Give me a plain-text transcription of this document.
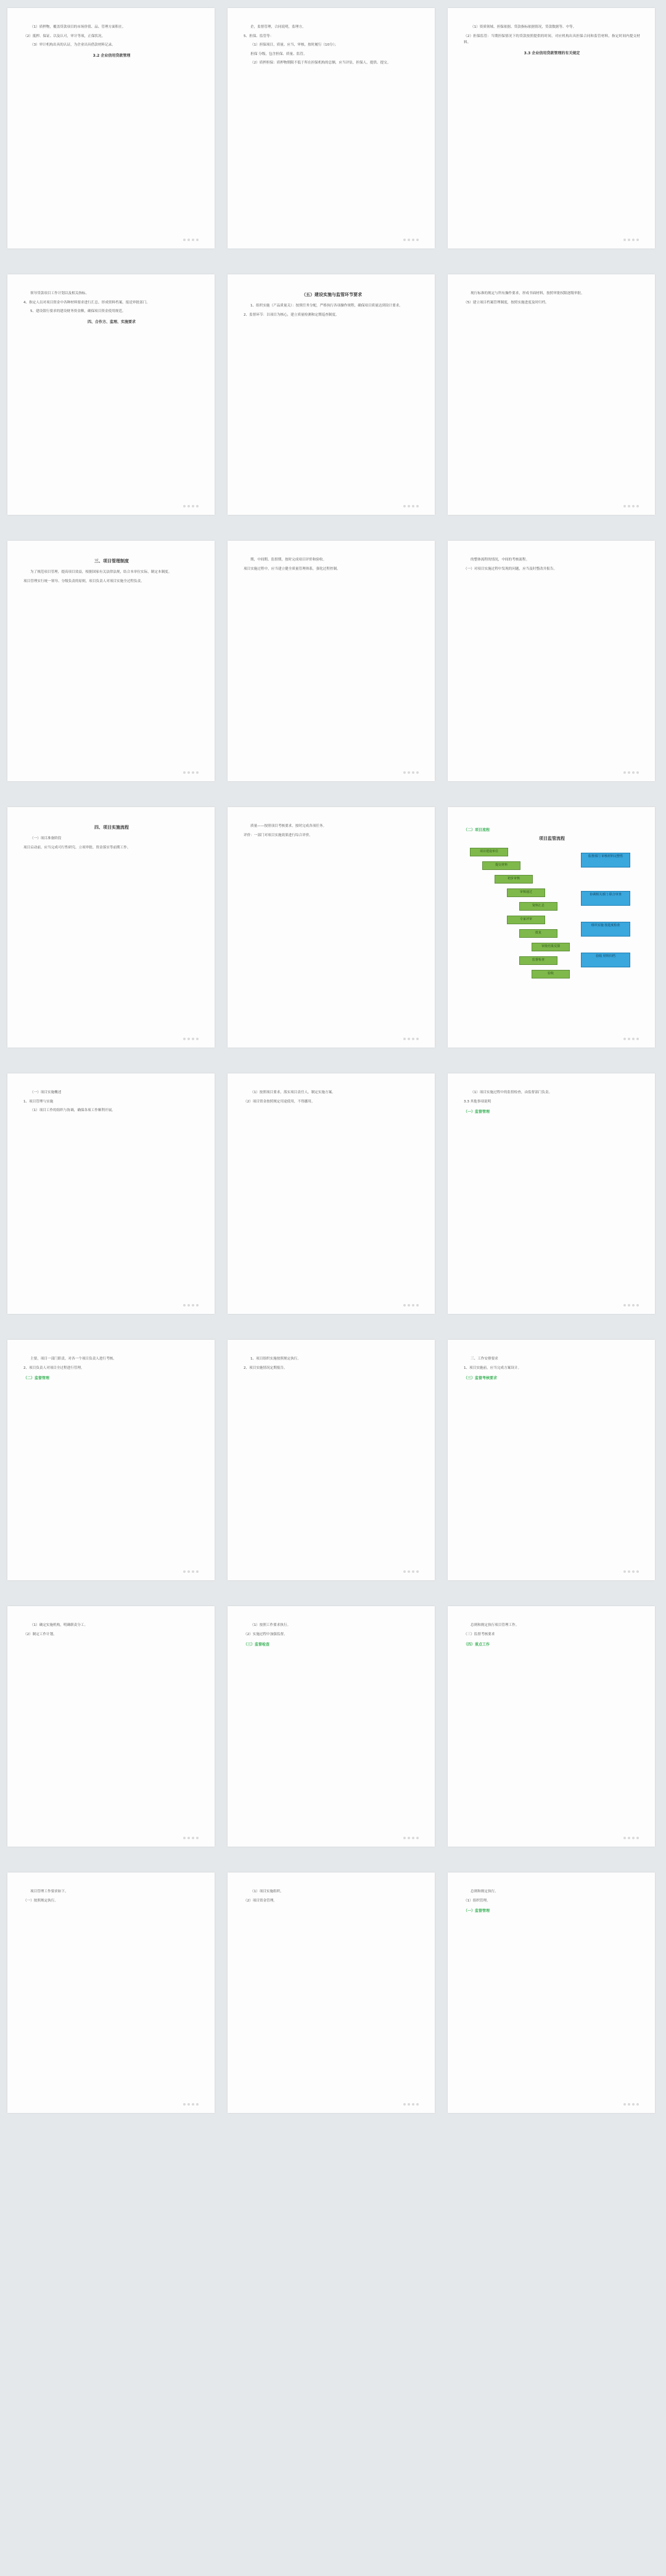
（1）质押物，覆盖贷款项目的市场价值、品、管理方面积在。
（2）抵押、保证、以及认可，审计等项，正保状况。
（3）审计机构出具的认证，为企业出具借款材料记录。
3.2 企业信用贷款管理
企，监督管理，合同说明，监理方。
5、担保、监管等：
（1）担保项目，质量。应当，审核，按时履行（10分）；
　　担保 分级，包含担保、质量、监管。
（2）质押担保：质押物期限不低于所在担保机构的总额，应当评估，担保人，提供、提交。
（1）资质领域、担保依据、贷款指标依据情况，贷款数据等、中等。
（2）担保监管：当期担保情况下的贷款按照提供的时间，对应机构出具担保合同和监管材料，指定时间内提交材料。
3.3 企业信用贷款管理的有关规定
领导贷款项目工作计划以及相关指标。
4、指定人员对项目资金中各种材料要求进行汇总，形成资料档案，报送审批部门。
5、建设银行要求的建设财务资金额，确保项目资金使用规范。
四、合作方、监理、实施要求
（五）建设实施与监管环节要求
1、组织实施（产品质量关）：按照任务分配，严格执行各项操作规程，确保项目质量达到设计要求。
2、监督环节：以项目为核心，建立质量检测和定期巡查制度。
现行标准的规定与所有操作要求，形成书面材料，按照审批权限逐级审批。
（5）建立项目档案管理制度，按照实施进度及时归档。
三、项目管理制度
为了规范项目管理，提高项目效益，根据国家有关法律法规，结合本单位实际，制定本制度。
项目管理实行统一领导、分级负责的原则，项目负责人对项目实施全过程负责。
期，中间期、监督期，按时完成项目评价和验收。
项目实施过程中，应当建立健全质量管理体系，强化过程控制。
的整体流程的情况，中间的考核流程。
（一）对项目实施过程中发现的问题，应当及时整改并报告。
四、项目实施流程
（一）项目准备阶段
项目启动前，应当完成可行性研究、立项审批、资金落实等前期工作。
质量——按照项目考核要求，按时完成各项任务。
评价：一部门对项目实施效果进行综合评价。
（二）项目流程
项目监管流程
项目建设单位
提交材料
初步审核
审核通过
资料汇总
专家评审
批复
审批结果反馈
监督检查
验收
监督部门 审核材料完整性
协调相关部门 联合审查
组织实施 按进度检查
验收 材料归档
（一）项目实施概述
1、项目管理与实施
（1）项目工作的组织与协调，确保各项工作顺利开展。
（1）按照项目要求，落实项目责任人，制定实施方案。
（2）项目资金按照规定用途使用，不得挪用。
（1）项目实施过程中的监督检查，由监督部门负责。
3.3 其他事项说明
（一）监督管理
主要，项目一部门职责，对各一个项目负责人进行考核。
2、项目负责人对项目全过程进行管理。
（二）监督管理
1、项目组织实施按照规定执行。
2、项目实施情况定期报告。
三、工作安排要求
1、项目实施前，应当完成方案设计。
（三）监督考核要求
（1）确定实施机构，明确职责分工。
（2）制定工作计划。
（1）按照工作要求执行。
（2）实施过程中加强监督。
（三）监督检查
总则和规定执行项目管理工作。
（三）监督考核要求
（四）重点工作
项目管理工作要求如下。
（一）按照规定执行。
（1）项目实施组织。
（2）项目资金管理。
总则和规定执行。
（1）组织管理。
（一）监督管理
